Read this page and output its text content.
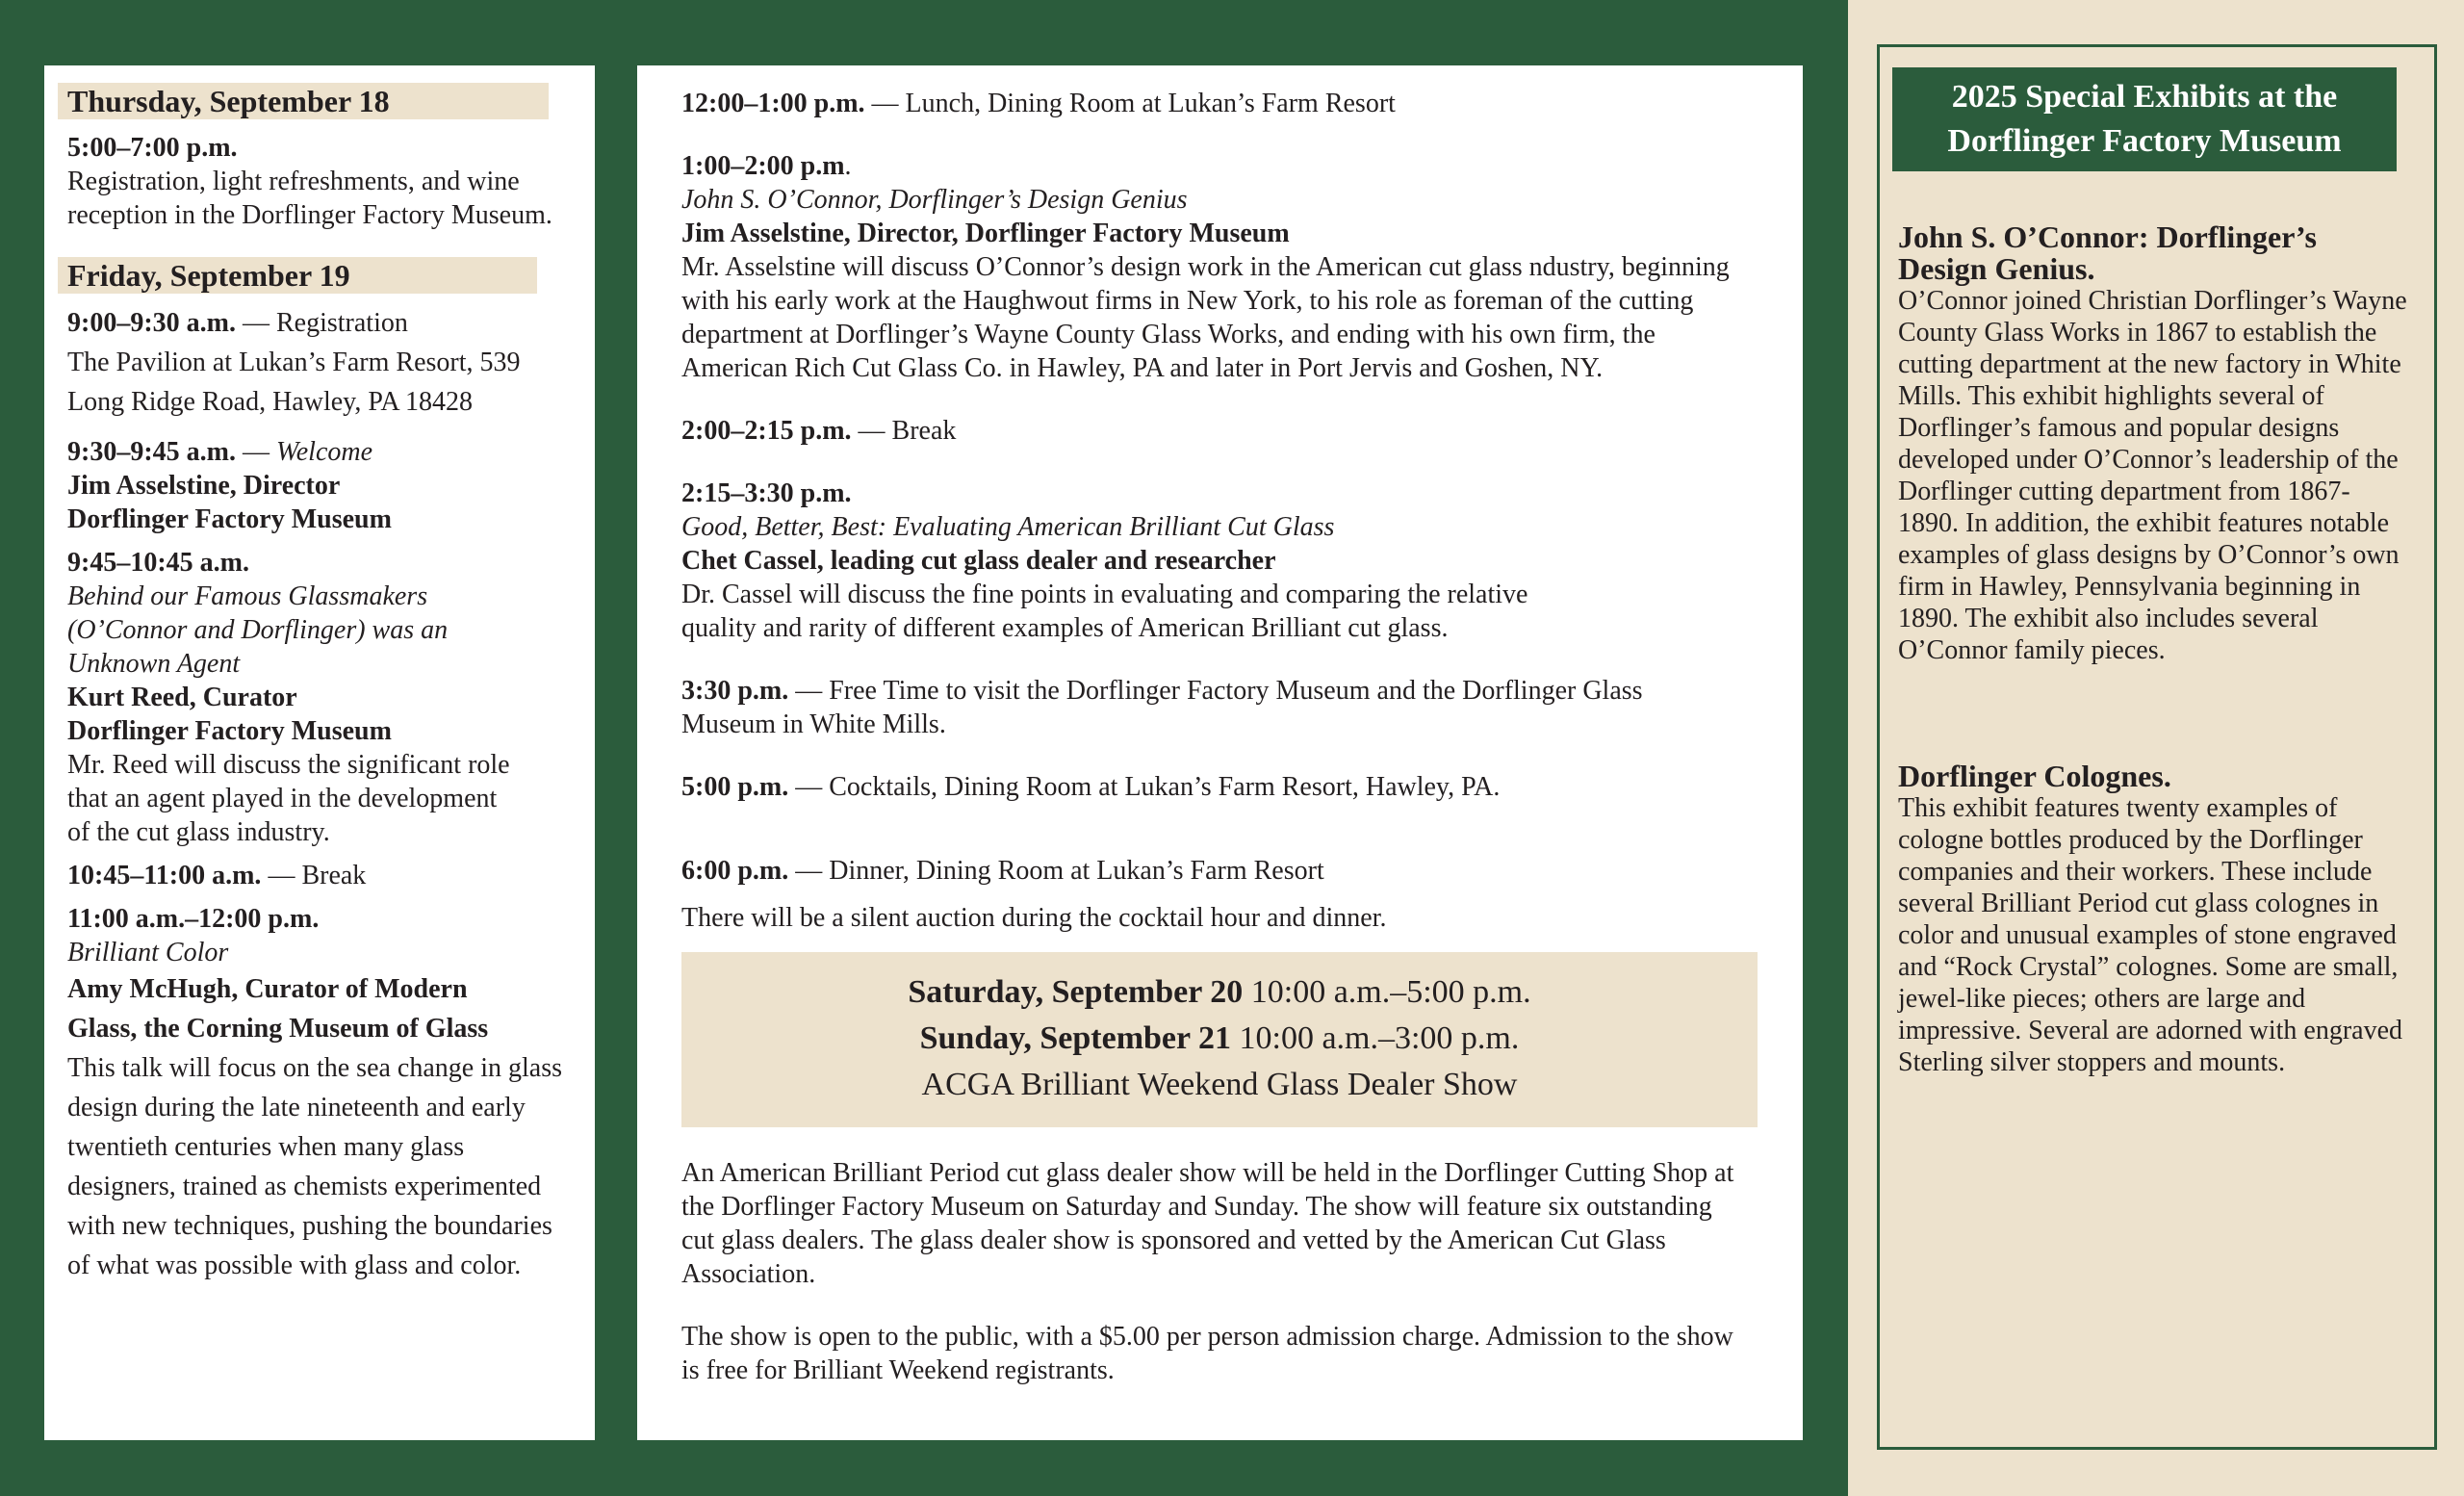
Thursday, September 18

5:00–7:00 p.m.

Registration, light refreshments, and wine reception in the Dorflinger Factory Museum.

Friday, September 19

9:00–9:30 a.m. — Registration

The Pavilion at Lukan’s Farm Resort, 539

Long Ridge Road, Hawley, PA 18428

9:30–9:45 a.m. — Welcome

Jim Asselstine, Director

Dorflinger Factory Museum

9:45–10:45 a.m.

Behind our Famous Glassmakers (O’Connor and Dorflinger) was an Unknown Agent

Kurt Reed, Curator

Dorflinger Factory Museum

Mr. Reed will discuss the significant role that an agent played in the development of the cut glass industry.

10:45–11:00 a.m. — Break

11:00 a.m.–12:00 p.m.

Brilliant Color

Amy McHugh, Curator of Modern

Glass, the Corning Museum of Glass

This talk will focus on the sea change in glass design during the late nineteenth and early twentieth centuries when many glass designers, trained as chemists experimented with new techniques, pushing the boundaries of what was possible with glass and color.

12:00–1:00 p.m. — Lunch, Dining Room at Lukan’s Farm Resort

1:00–2:00 p.m.

John S. O’Connor, Dorflinger’s Design Genius

Jim Asselstine, Director, Dorflinger Factory Museum

Mr. Asselstine will discuss O’Connor’s design work in the American cut glass ndustry, beginning with his early work at the Haughwout firms in New York, to his role as foreman of the cutting department at Dorflinger’s Wayne County Glass Works, and ending with his own firm, the American Rich Cut Glass Co. in Hawley, PA and later in Port Jervis and Goshen, NY.

2:00–2:15 p.m. — Break

2:15–3:30 p.m.

Good, Better, Best: Evaluating American Brilliant Cut Glass

Chet Cassel, leading cut glass dealer and researcher

Dr. Cassel will discuss the fine points in evaluating and comparing the relative

quality and rarity of different examples of American Brilliant cut glass.

3:30 p.m. — Free Time to visit the Dorflinger Factory Museum and the Dorflinger Glass Museum in White Mills.

5:00 p.m. — Cocktails, Dining Room at Lukan’s Farm Resort, Hawley, PA.

6:00 p.m. — Dinner, Dining Room at Lukan’s Farm Resort

There will be a silent auction during the cocktail hour and dinner.

Saturday, September 20 10:00 a.m.–5:00 p.m.
Sunday, September 21 10:00 a.m.–3:00 p.m.
ACGA Brilliant Weekend Glass Dealer Show

An American Brilliant Period cut glass dealer show will be held in the Dorflinger Cutting Shop at the Dorflinger Factory Museum on Saturday and Sunday. The show will feature six outstanding cut glass dealers. The glass dealer show is sponsored and vetted by the American Cut Glass Association.

The show is open to the public, with a $5.00 per person admission charge. Admission to the show is free for Brilliant Weekend registrants.

2025 Special Exhibits at the Dorflinger Factory Museum
John S. O’Connor: Dorflinger’s Design Genius.
O’Connor joined Christian Dorflinger’s Wayne County Glass Works in 1867 to establish the cutting department at the new factory in White Mills. This exhibit highlights several of Dorflinger’s famous and popular designs developed under O’Connor’s leadership of the Dorflinger cutting department from 1867-1890. In addition, the exhibit features notable examples of glass designs by O’Connor’s own firm in Hawley, Pennsylvania beginning in 1890. The exhibit also includes several O’Connor family pieces.
Dorflinger Colognes.
This exhibit features twenty examples of cologne bottles produced by the Dorflinger companies and their workers. These include several Brilliant Period cut glass colognes in color and unusual examples of stone engraved and “Rock Crystal” colognes. Some are small, jewel-like pieces; others are large and impressive. Several are adorned with engraved Sterling silver stoppers and mounts.
